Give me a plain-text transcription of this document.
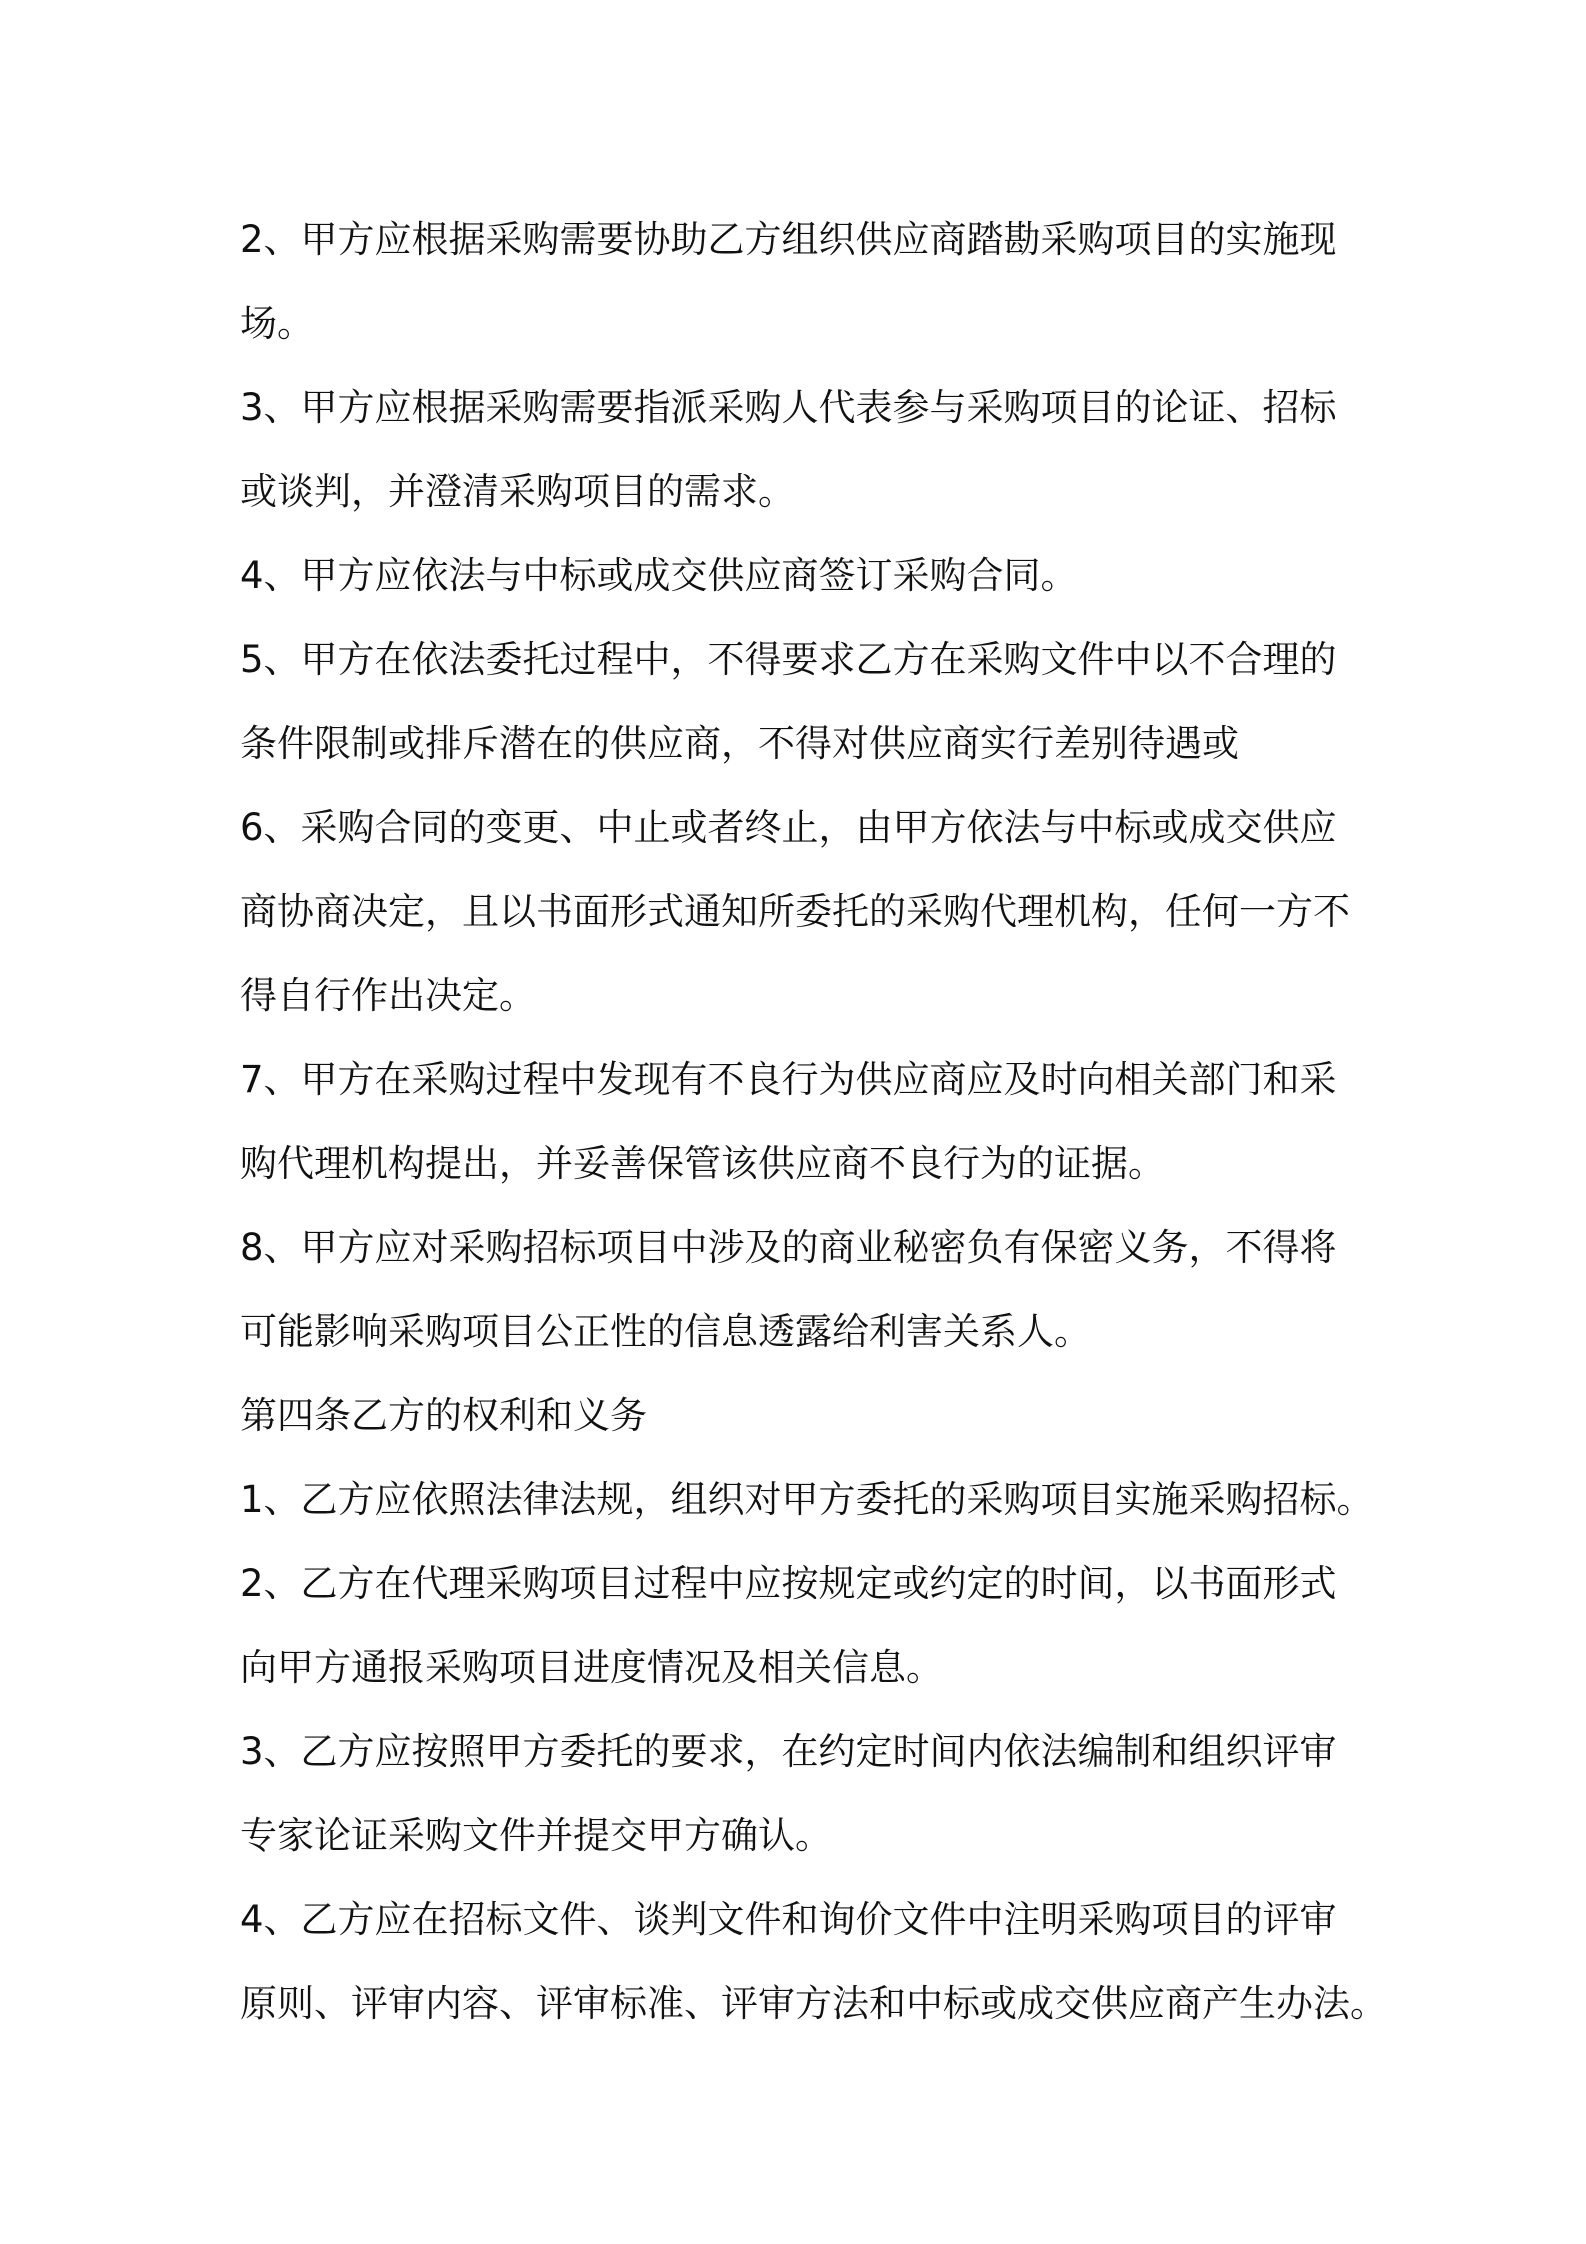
2、甲方应根据采购需要协助乙方组织供应商踏勘采购项目的实施现
场。
3、甲方应根据采购需要指派采购人代表参与采购项目的论证、招标
或谈判，并澄清采购项目的需求。
4、甲方应依法与中标或成交供应商签订采购合同。
5、甲方在依法委托过程中，不得要求乙方在采购文件中以不合理的
条件限制或排斥潜在的供应商，不得对供应商实行差别待遇或
6、采购合同的变更、中止或者终止，由甲方依法与中标或成交供应
商协商决定，且以书面形式通知所委托的采购代理机构，任何一方不
得自行作出决定。
7、甲方在采购过程中发现有不良行为供应商应及时向相关部门和采
购代理机构提出，并妥善保管该供应商不良行为的证据。
8、甲方应对采购招标项目中涉及的商业秘密负有保密义务，不得将
可能影响采购项目公正性的信息透露给利害关系人。
第四条乙方的权利和义务
1、乙方应依照法律法规，组织对甲方委托的采购项目实施采购招标。
2、乙方在代理采购项目过程中应按规定或约定的时间，以书面形式
向甲方通报采购项目进度情况及相关信息。
3、乙方应按照甲方委托的要求，在约定时间内依法编制和组织评审
专家论证采购文件并提交甲方确认。
4、乙方应在招标文件、谈判文件和询价文件中注明采购项目的评审
原则、评审内容、评审标准、评审方法和中标或成交供应商产生办法。
